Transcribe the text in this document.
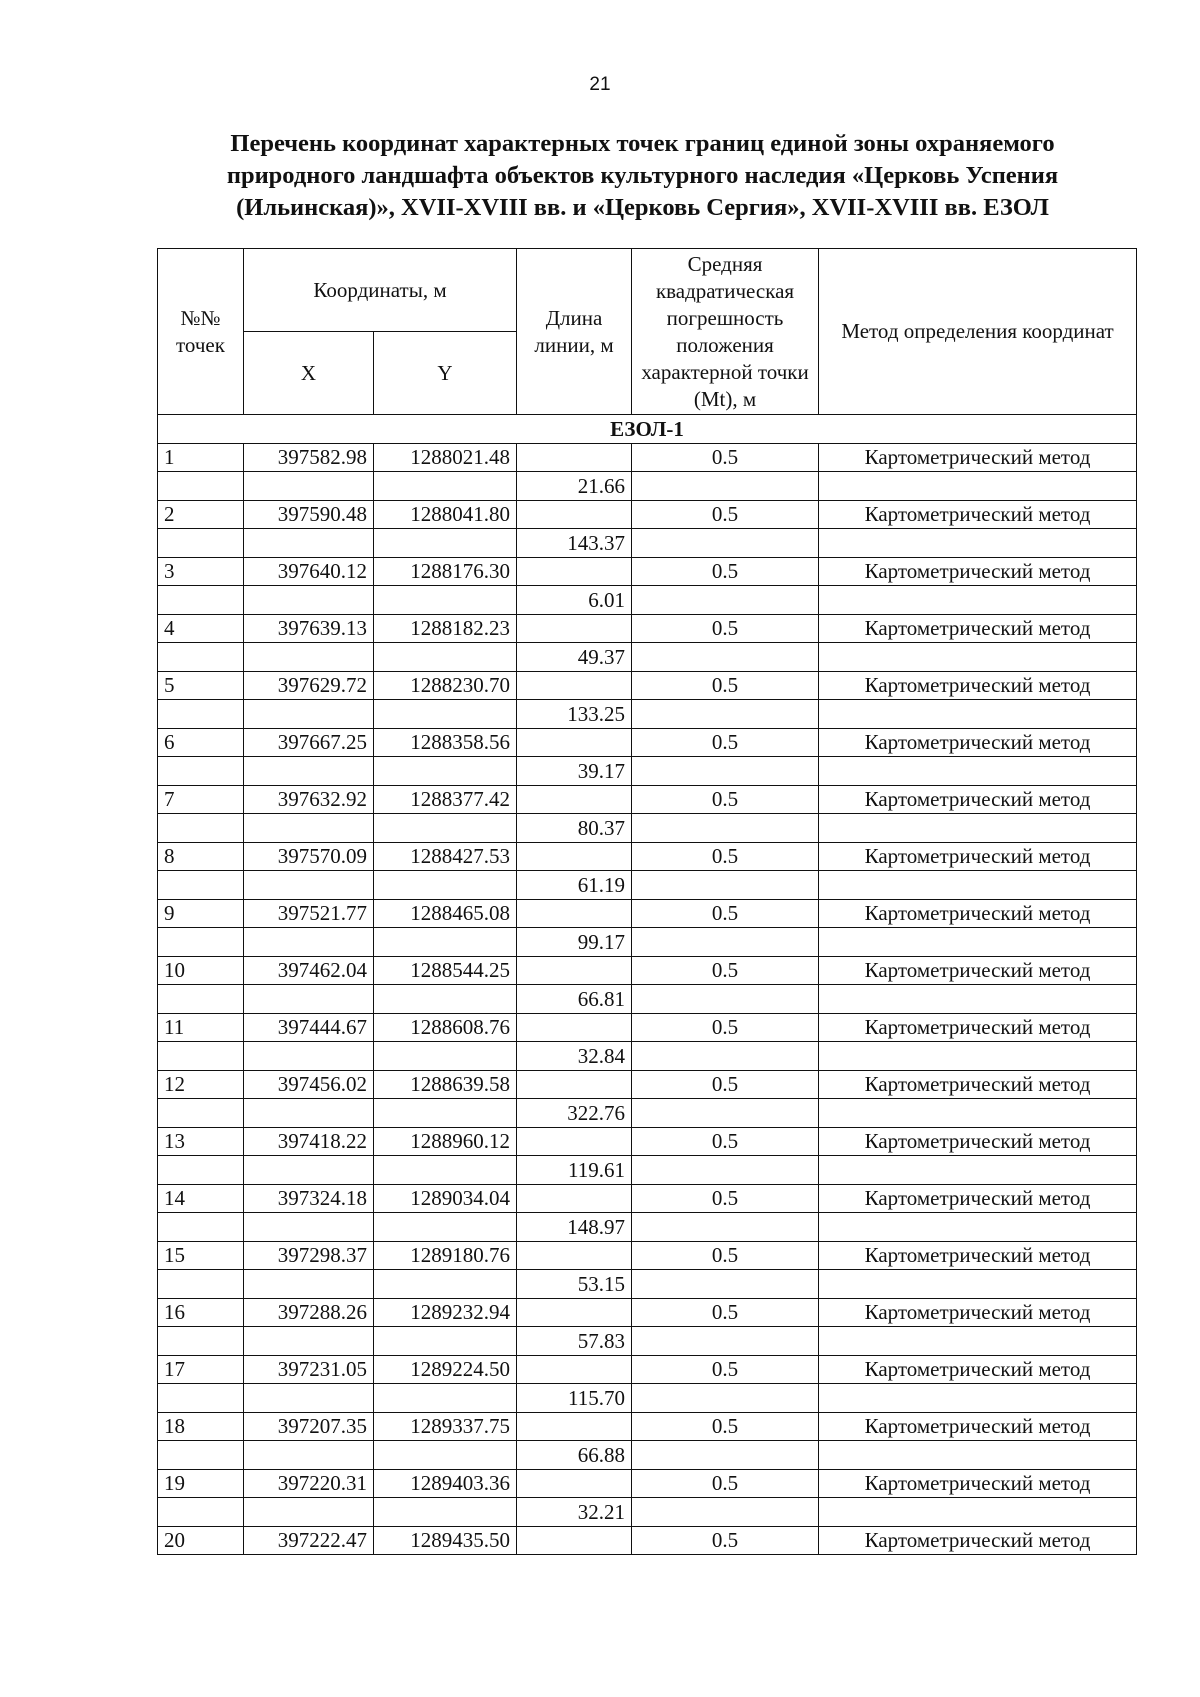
21
Перечень координат характерных точек границ единой зоны охраняемого
природного ландшафта объектов культурного наследия «Церковь Успения
(Ильинская)», XVII-XVIII вв. и «Церковь Сергия», XVII-XVIII вв. ЕЗОЛ
№№ точек	Координаты, м		Длина линии, м	Средняя квадратическая погрешность положения характерной точки (Mt), м	Метод определения координат
	X	Y			
ЕЗОЛ-1					
1	397582.98	1288021.48		0.5	Картометрический метод
			21.66		
2	397590.48	1288041.80		0.5	Картометрический метод
			143.37		
3	397640.12	1288176.30		0.5	Картометрический метод
			6.01		
4	397639.13	1288182.23		0.5	Картометрический метод
			49.37		
5	397629.72	1288230.70		0.5	Картометрический метод
			133.25		
6	397667.25	1288358.56		0.5	Картометрический метод
			39.17		
7	397632.92	1288377.42		0.5	Картометрический метод
			80.37		
8	397570.09	1288427.53		0.5	Картометрический метод
			61.19		
9	397521.77	1288465.08		0.5	Картометрический метод
			99.17		
10	397462.04	1288544.25		0.5	Картометрический метод
			66.81		
11	397444.67	1288608.76		0.5	Картометрический метод
			32.84		
12	397456.02	1288639.58		0.5	Картометрический метод
			322.76		
13	397418.22	1288960.12		0.5	Картометрический метод
			119.61		
14	397324.18	1289034.04		0.5	Картометрический метод
			148.97		
15	397298.37	1289180.76		0.5	Картометрический метод
			53.15		
16	397288.26	1289232.94		0.5	Картометрический метод
			57.83		
17	397231.05	1289224.50		0.5	Картометрический метод
			115.70		
18	397207.35	1289337.75		0.5	Картометрический метод
			66.88		
19	397220.31	1289403.36		0.5	Картометрический метод
			32.21		
20	397222.47	1289435.50		0.5	Картометрический метод
